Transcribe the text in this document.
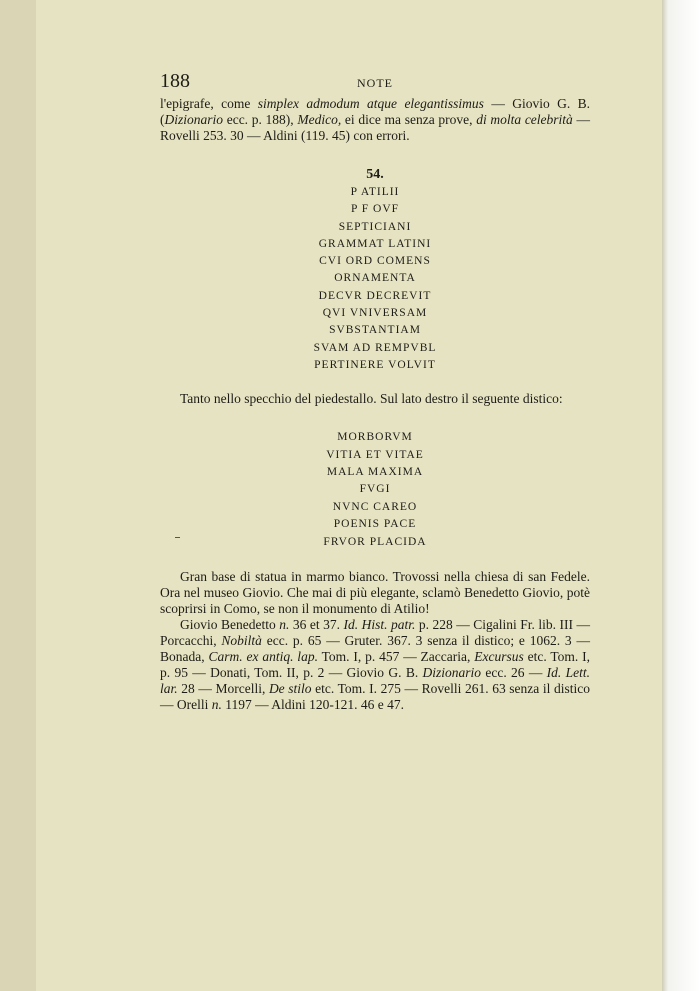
188	NOTE

l'epigrafe, come simplex admodum atque elegantissimus — Giovio G. B. (Dizionario ecc. p. 188), Medico, ei dice ma senza prove, di molta celebrità — Rovelli 253. 30 — Aldini (119. 45) con errori.

54.
P ATILII
P F OVF
SEPTICIANI
GRAMMAT LATINI
CVI ORD COMENS
ORNAMENTA
DECVR DECREVIT
QVI VNIVERSAM
SVBSTANTIAM
SVAM AD REMPVBL
PERTINERE VOLVIT

Tanto nello specchio del piedestallo. Sul lato destro il seguente distico:

MORBORVM
VITIA ET VITAE
MALA MAXIMA
FVGI
NVNC CAREO
POENIS PACE
FRVOR PLACIDA

Gran base di statua in marmo bianco. Trovossi nella chiesa di san Fedele. Ora nel museo Giovio. Che mai di più elegante, sclamò Benedetto Giovio, potè scoprirsi in Como, se non il monumento di Atilio!

Giovio Benedetto n. 36 et 37. Id. Hist. patr. p. 228 — Cigalini Fr. lib. III — Porcacchi, Nobiltà ecc. p. 65 — Gruter. 367. 3 senza il distico; e 1062. 3 — Bonada, Carm. ex antiq. lap. Tom. I, p. 457 — Zaccaria, Excursus etc. Tom. I, p. 95 — Donati, Tom. II, p. 2 — Giovio G. B. Dizionario ecc. 26 — Id. Lett. lar. 28 — Morcelli, De stilo etc. Tom. I. 275 — Rovelli 261. 63 senza il distico — Orelli n. 1197 — Aldini 120-121. 46 e 47.
